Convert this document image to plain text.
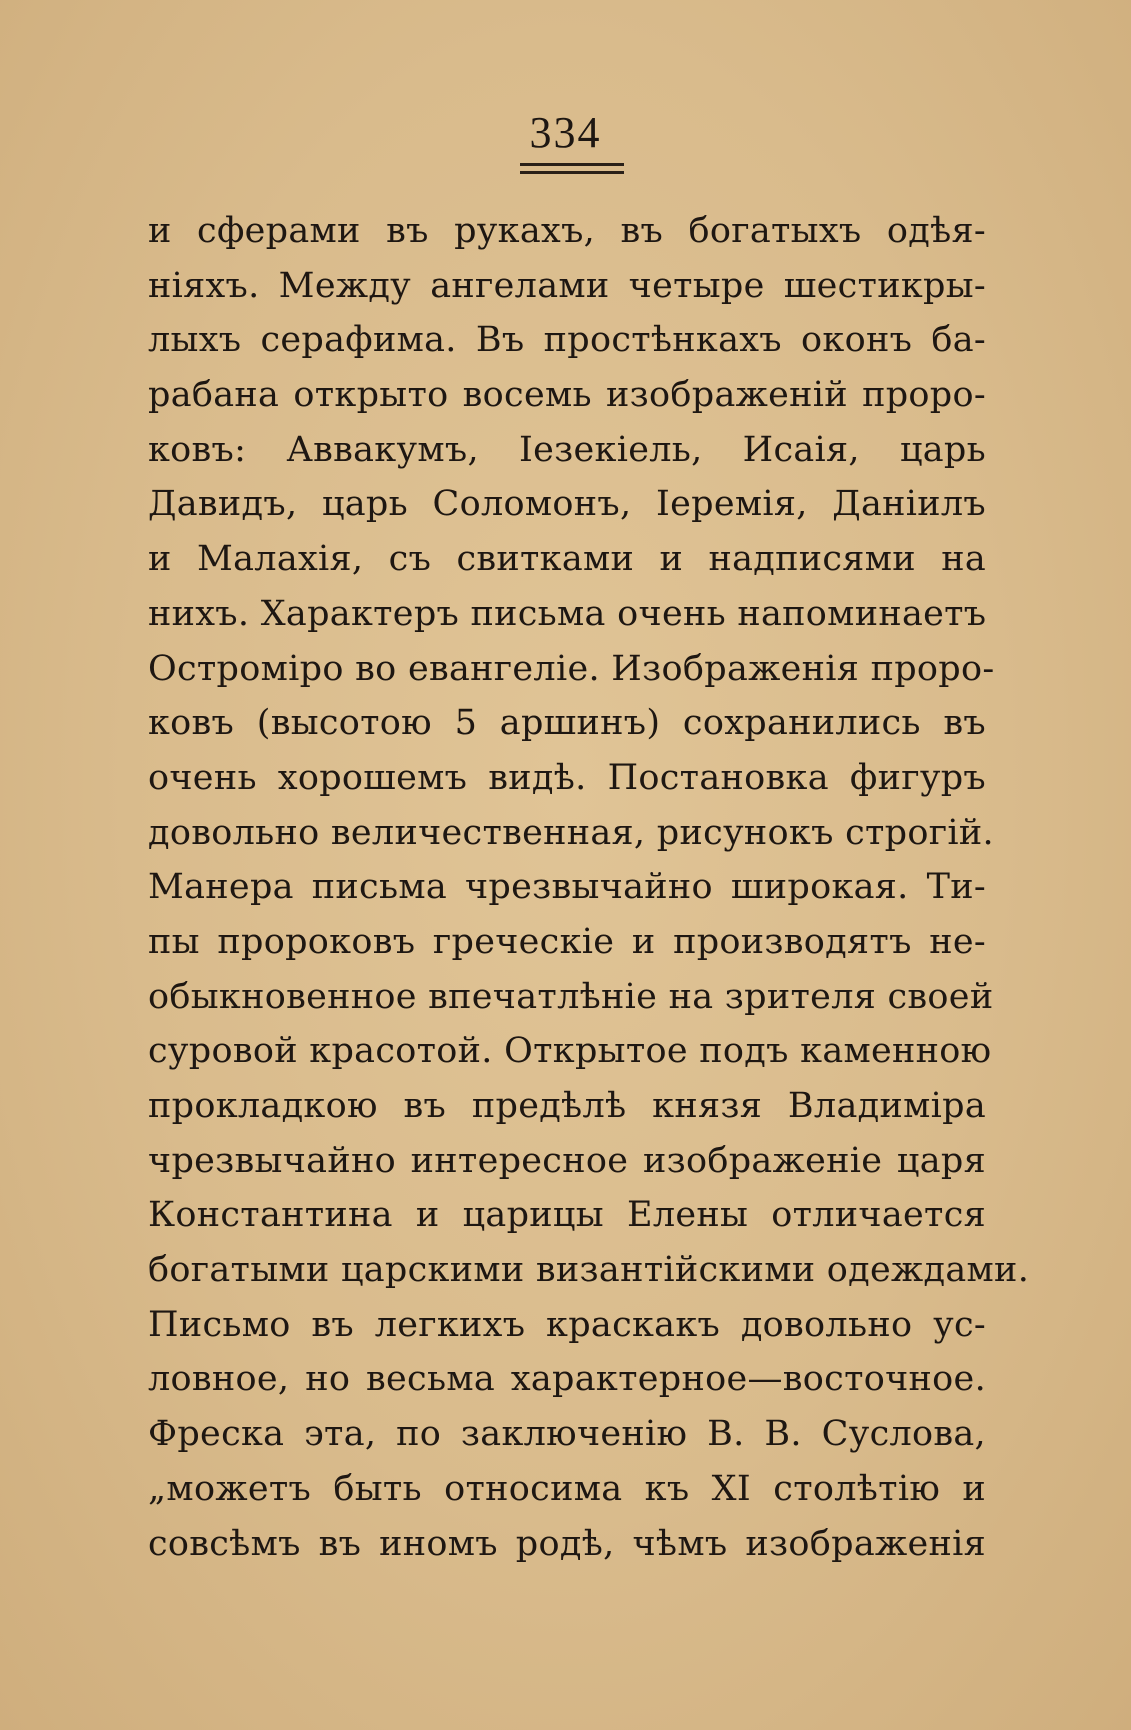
334
и сферами въ рукахъ, въ богатыхъ одѣя-
ніяхъ. Между ангелами четыре шестикры-
лыхъ серафима. Въ простѣнкахъ оконъ ба-
рабана открыто восемь изображеній проро-
ковъ: Аввакумъ, Iезекіель, Исаія, царь
Давидъ, царь Соломонъ, Iеремія, Даніилъ
и Малахія, съ свитками и надписями на
нихъ. Характеръ письма очень напоминаетъ
Остроміро во евангеліе. Изображенія проро-
ковъ (высотою 5 аршинъ) сохранились въ
очень хорошемъ видѣ. Постановка фигуръ
довольно величественная, рисунокъ строгій.
Манера письма чрезвычайно широкая. Ти-
пы пророковъ греческіе и производятъ не-
обыкновенное впечатлѣніе на зрителя своей
суровой красотой. Открытое подъ каменною
прокладкою въ предѣлѣ князя Владиміра
чрезвычайно интересное изображеніе царя
Константина и царицы Елены отличается
богатыми царскими византійскими одеждами.
Письмо въ легкихъ краскакъ довольно ус-
ловное, но весьма характерное—восточное.
Фреска эта, по заключенію В. В. Суслова,
„можетъ быть относима къ XI столѣтію и
совсѣмъ въ иномъ родѣ, чѣмъ изображенія
